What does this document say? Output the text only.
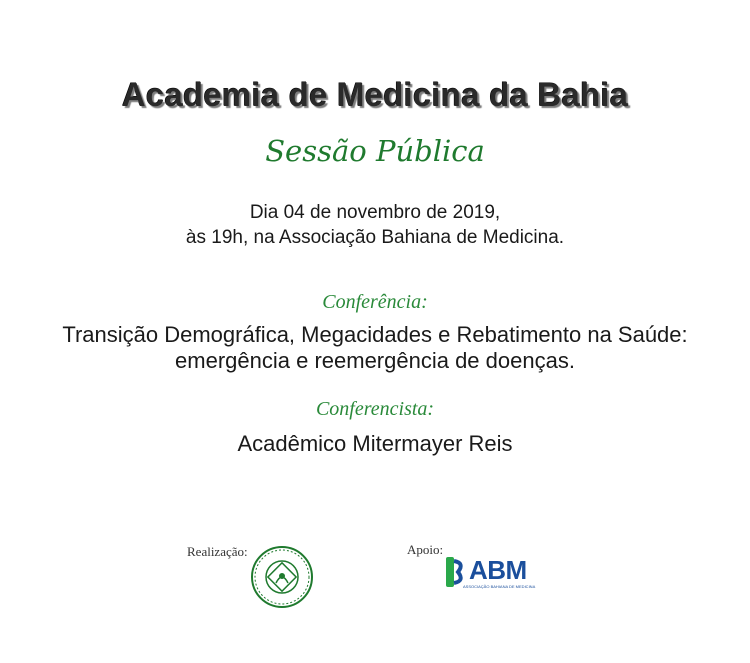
Academia de Medicina da Bahia
Sessão Pública
Dia 04 de novembro de 2019,
às 19h, na Associação Bahiana de Medicina.
Conferência:
Transição Demográfica, Megacidades e Rebatimento na Saúde:
emergência e reemergência de doenças.
Conferencista:
Acadêmico Mitermayer Reis
Realização:	Apoio:
ABM
ASSOCIAÇÃO BAHIANA DE MEDICINA
